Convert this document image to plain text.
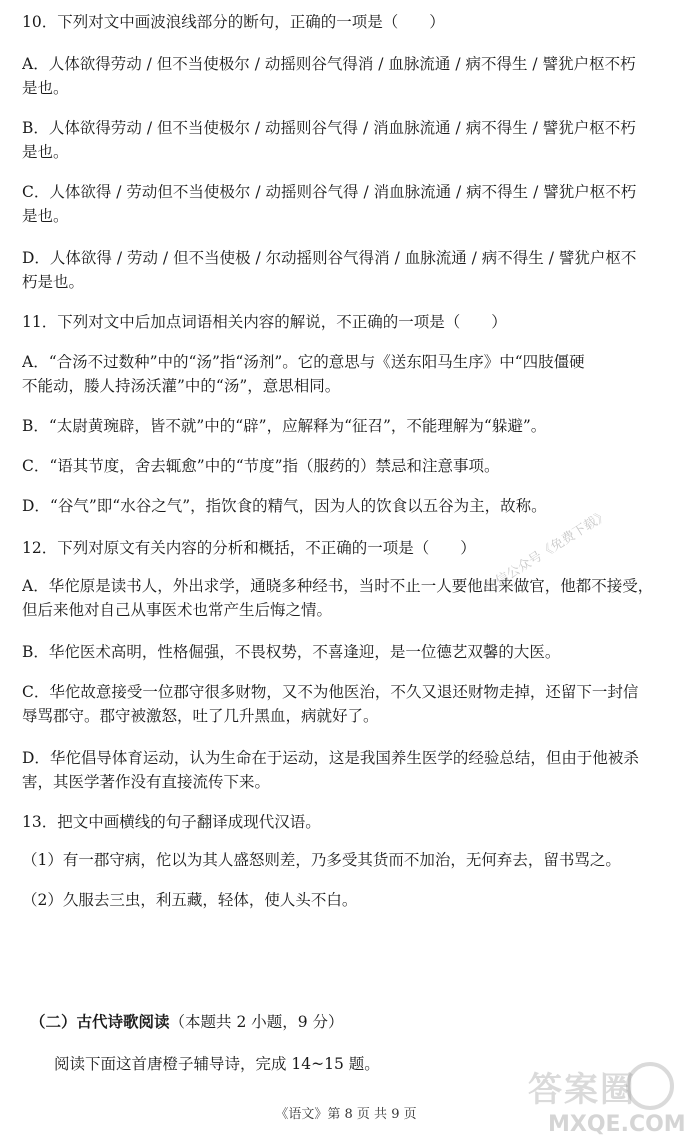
10．下列对文中画波浪线部分的断句，正确的一项是（　　）
A．人体欲得劳动 / 但不当使极尔 / 动摇则谷气得消 / 血脉流通 / 病不得生 / 譬犹户枢不朽
是也。
B．人体欲得劳动 / 但不当使极尔 / 动摇则谷气得 / 消血脉流通 / 病不得生 / 譬犹户枢不朽
是也。
C．人体欲得 / 劳动但不当使极尔 / 动摇则谷气得 / 消血脉流通 / 病不得生 / 譬犹户枢不朽
是也。
D．人体欲得 / 劳动 / 但不当使极 / 尔动摇则谷气得消 / 血脉流通 / 病不得生 / 譬犹户枢不
朽是也。
11．下列对文中后加点词语相关内容的解说，不正确的一项是（　　）
A．“合汤不过数种”中的“汤”指“汤剂”。它的意思与《送东阳马生序》中“四肢僵硬
不能动，媵人持汤沃灌”中的“汤”，意思相同。
B．“太尉黄琬辟，皆不就”中的“辟”，应解释为“征召”，不能理解为“躲避”。
C．“语其节度，舍去辄愈”中的“节度”指（服药的）禁忌和注意事项。
D．“谷气”即“水谷之气”，指饮食的精气，因为人的饮食以五谷为主，故称。
12．下列对原文有关内容的分析和概括，不正确的一项是（　　）
A．华佗原是读书人，外出求学，通晓多种经书，当时不止一人要他出来做官，他都不接受，
但后来他对自己从事医术也常产生后悔之情。
B．华佗医术高明，性格倔强，不畏权势，不喜逢迎，是一位德艺双馨的大医。
C．华佗故意接受一位郡守很多财物，又不为他医治，不久又退还财物走掉，还留下一封信
辱骂郡守。郡守被激怒，吐了几升黑血，病就好了。
D．华佗倡导体育运动，认为生命在于运动，这是我国养生医学的经验总结，但由于他被杀
害，其医学著作没有直接流传下来。
13．把文中画横线的句子翻译成现代汉语。
（1）有一郡守病，佗以为其人盛怒则差，乃多受其货而不加治，无何弃去，留书骂之。
（2）久服去三虫，利五藏，轻体，使人头不白。
（二）古代诗歌阅读（本题共 2 小题，9 分）
阅读下面这首唐橙子辅导诗，完成 14~15 题。
《语文》第 8 页 共 9 页
微信公众号《免费下载》
答案圈
MXQE.COM
